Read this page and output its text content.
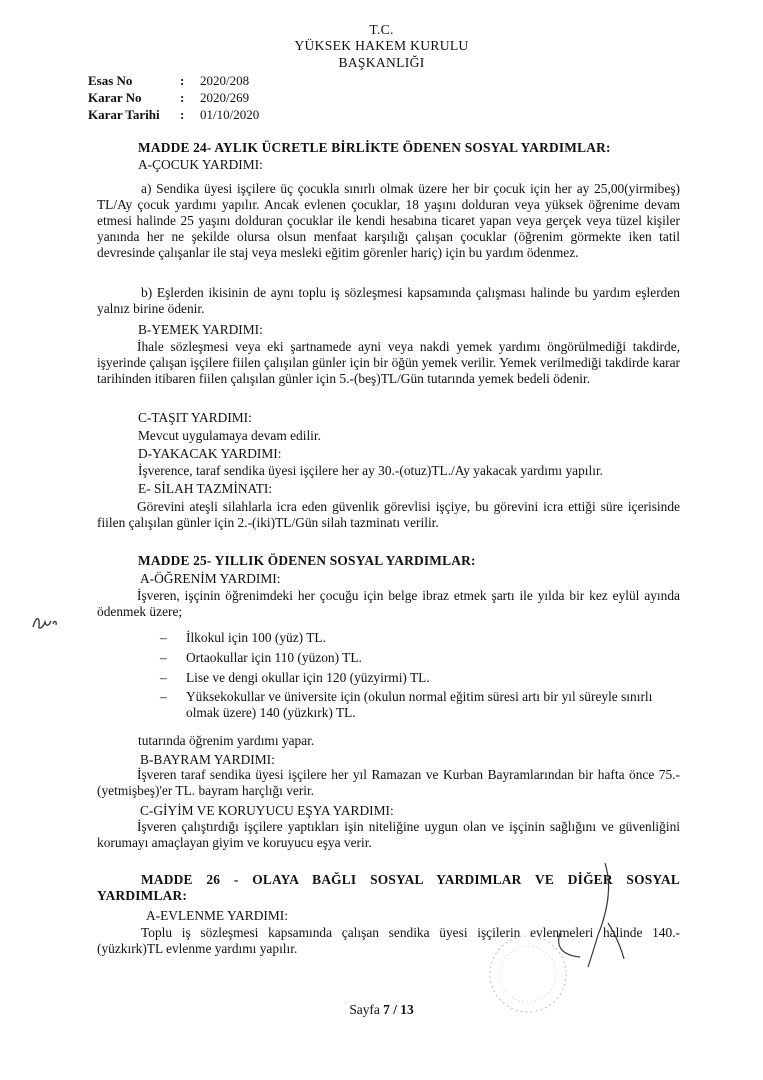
T.C.
YÜKSEK HAKEM KURULU
BAŞKANLIĞI
Esas No	: 2020/208
Karar No	: 2020/269
Karar Tarihi : 01/10/2020
MADDE 24- AYLIK ÜCRETLE BİRLİKTE ÖDENEN SOSYAL YARDIMLAR:
A-ÇOCUK YARDIMI:
a) Sendika üyesi işçilere üç çocukla sınırlı olmak üzere her bir çocuk için her ay 25,00(yirmibeş) TL/Ay çocuk yardımı yapılır. Ancak evlenen çocuklar, 18 yaşını dolduran veya yüksek öğrenime devam etmesi halinde 25 yaşını dolduran çocuklar ile kendi hesabına ticaret yapan veya gerçek veya tüzel kişiler yanında her ne şekilde olursa olsun menfaat karşılığı çalışan çocuklar (öğrenim görmekte iken tatil devresinde çalışanlar ile staj veya mesleki eğitim görenler hariç) için bu yardım ödenmez.
b) Eşlerden ikisinin de aynı toplu iş sözleşmesi kapsamında çalışması halinde bu yardım eşlerden yalnız birine ödenir.
B-YEMEK YARDIMI:
İhale sözleşmesi veya eki şartnamede ayni veya nakdi yemek yardımı öngörülmediği takdirde, işyerinde çalışan işçilere fiilen çalışılan günler için bir öğün yemek verilir. Yemek verilmediği takdirde karar tarihinden itibaren fiilen çalışılan günler için 5.-(beş)TL/Gün tutarında yemek bedeli ödenir.
C-TAŞIT YARDIMI:
Mevcut uygulamaya devam edilir.
D-YAKACAK YARDIMI:
İşverence, taraf sendika üyesi işçilere her ay 30.-(otuz)TL./Ay yakacak yardımı yapılır.
E- SİLAH TAZMİNATI:
Görevini ateşli silahlarla icra eden güvenlik görevlisi işçiye, bu görevini icra ettiği süre içerisinde fiilen çalışılan günler için 2.-(iki)TL/Gün silah tazminatı verilir.
MADDE 25- YILLIK ÖDENEN SOSYAL YARDIMLAR:
A-ÖĞRENİM YARDIMI:
İşveren, işçinin öğrenimdeki her çocuğu için belge ibraz etmek şartı ile yılda bir kez eylül ayında ödenmek üzere;
– İlkokul için 100 (yüz) TL.
– Ortaokullar için 110 (yüzon) TL.
– Lise ve dengi okullar için 120 (yüzyirmi) TL.
– Yüksekokullar ve üniversite için (okulun normal eğitim süresi artı bir yıl süreyle sınırlı olmak üzere) 140 (yüzkırk) TL.
tutarında öğrenim yardımı yapar.
B-BAYRAM YARDIMI:
İşveren taraf sendika üyesi işçilere her yıl Ramazan ve Kurban Bayramlarından bir hafta önce 75.-(yetmişbeş)'er TL. bayram harçlığı verir.
C-GİYİM VE KORUYUCU EŞYA YARDIMI:
İşveren çalıştırdığı işçilere yaptıkları işin niteliğine uygun olan ve işçinin sağlığını ve güvenliğini korumayı amaçlayan giyim ve koruyucu eşya verir.
MADDE 26 - OLAYA BAĞLI SOSYAL YARDIMLAR VE DİĞER SOSYAL YARDIMLAR:
A-EVLENME YARDIMI:
Toplu iş sözleşmesi kapsamında çalışan sendika üyesi işçilerin evlenmeleri halinde 140.-(yüzkırk)TL evlenme yardımı yapılır.
Sayfa 7 / 13
